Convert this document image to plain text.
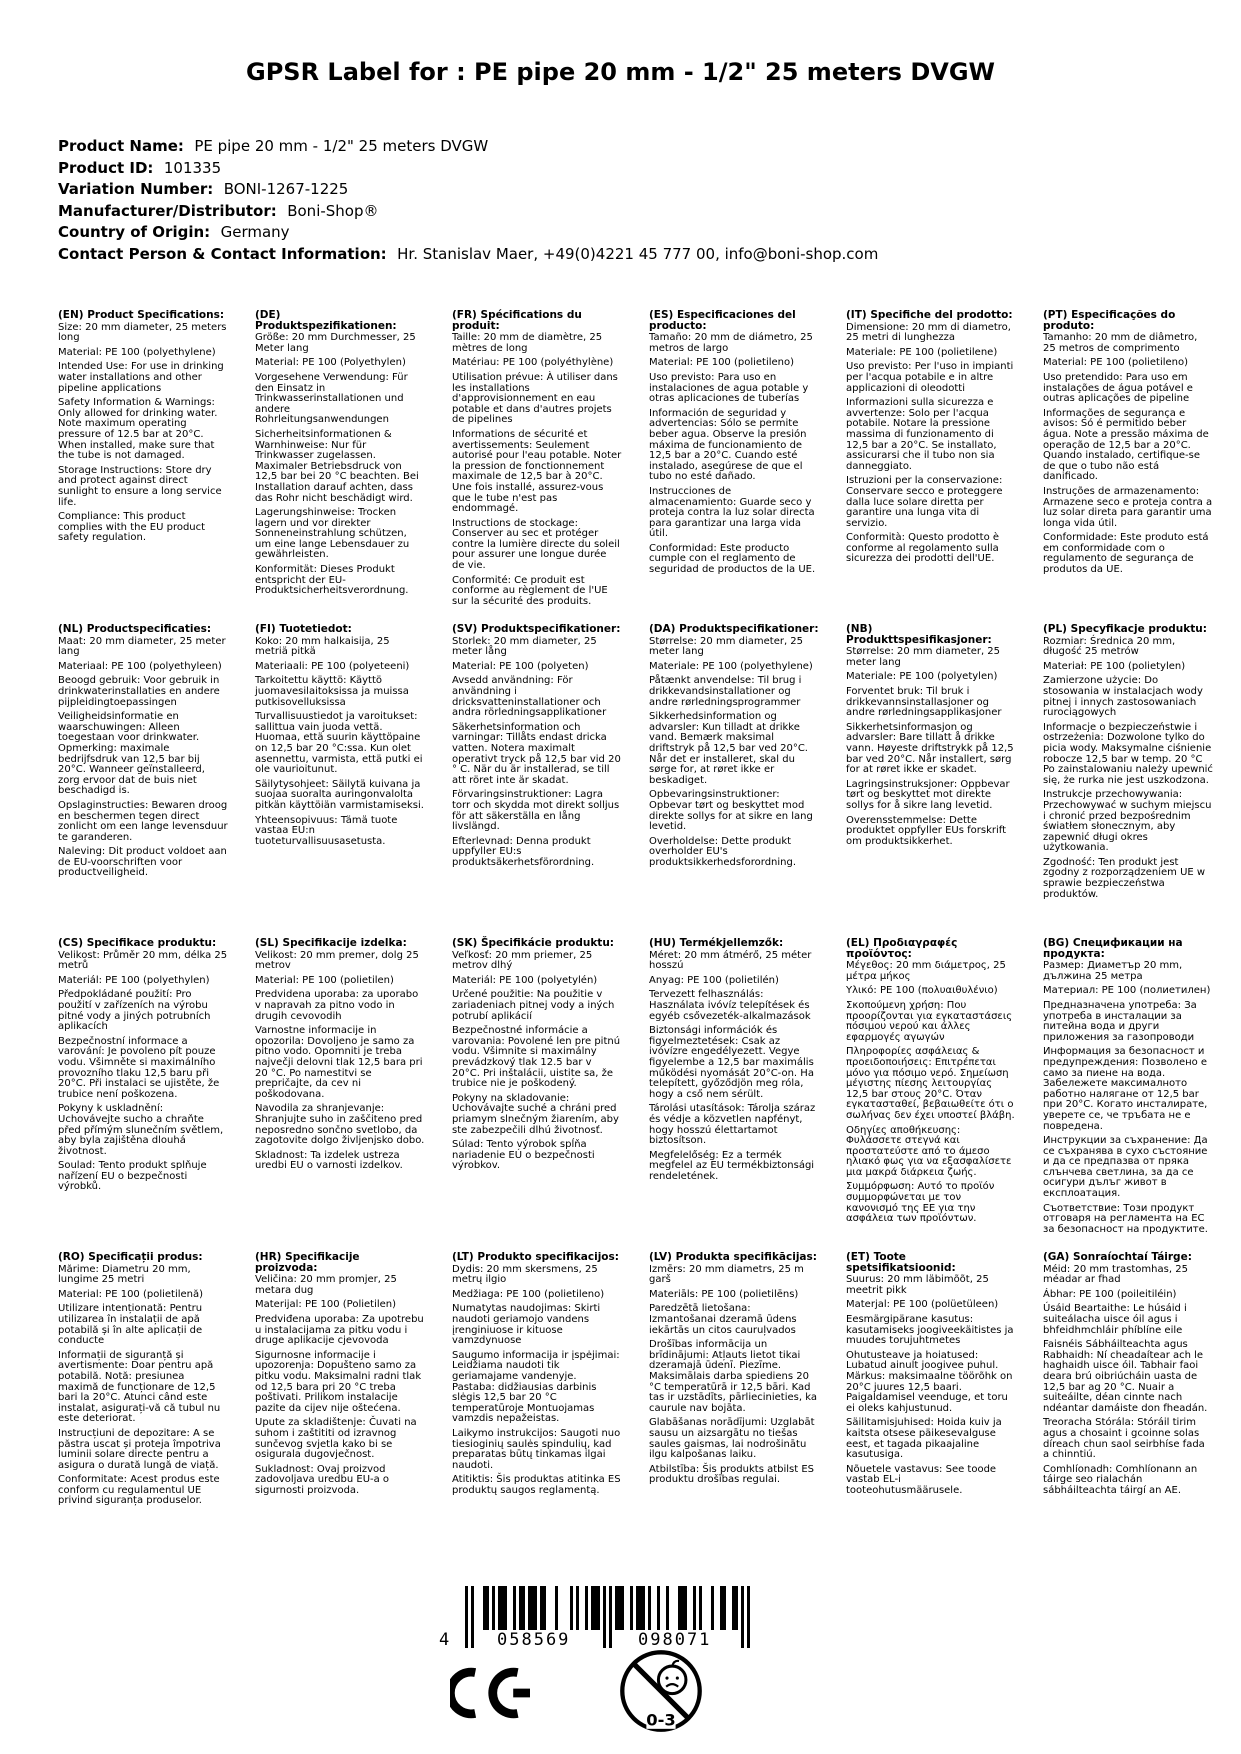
GPSR Label for : PE pipe 20 mm - 1/2" 25 meters DVGW
Product Name:  PE pipe 20 mm - 1/2" 25 meters DVGW
Product ID:  101335
Variation Number:  BONI-1267-1225
Manufacturer/Distributor:  Boni-Shop®
Country of Origin:  Germany
Contact Person & Contact Information:  Hr. Stanislav Maer, +49(0)4221 45 777 00, info@boni-shop.com
(EN) Product Specifications:

Size: 20 mm diameter, 25 meters long

Material: PE 100 (polyethylene)

Intended Use: For use in drinking water installations and other pipeline applications

Safety Information & Warnings: Only allowed for drinking water. Note maximum operating pressure of 12.5 bar at 20°C. When installed, make sure that the tube is not damaged.

Storage Instructions: Store dry and protect against direct sunlight to ensure a long service life.

Compliance: This product complies with the EU product safety regulation.

(DE) Produktspezifikationen:

Größe: 20 mm Durchmesser, 25 Meter lang

Material: PE 100 (Polyethylen)

Vorgesehene Verwendung: Für den Einsatz in Trinkwasserinstallationen und andere Rohrleitungsanwendungen

Sicherheitsinformationen & Warnhinweise: Nur für Trinkwasser zugelassen. Maximaler Betriebsdruck von 12,5 bar bei 20 °C beachten. Bei Installation darauf achten, dass das Rohr nicht beschädigt wird.

Lagerungshinweise: Trocken lagern und vor direkter Sonneneinstrahlung schützen, um eine lange Lebensdauer zu gewährleisten.

Konformität: Dieses Produkt entspricht der EU-Produktsicherheitsverordnung.

(FR) Spécifications du produit:

Taille: 20 mm de diamètre, 25 mètres de long

Matériau: PE 100 (polyéthylène)

Utilisation prévue: À utiliser dans les installations d'approvisionnement en eau potable et dans d'autres projets de pipelines

Informations de sécurité et avertissements: Seulement autorisé pour l'eau potable. Noter la pression de fonctionnement maximale de 12,5 bar à 20°C. Une fois installé, assurez-vous que le tube n'est pas endommagé.

Instructions de stockage: Conserver au sec et protéger contre la lumière directe du soleil pour assurer une longue durée de vie.

Conformité: Ce produit est conforme au règlement de l'UE sur la sécurité des produits.

(ES) Especificaciones del producto:

Tamaño: 20 mm de diámetro, 25 metros de largo

Material: PE 100 (polietileno)

Uso previsto: Para uso en instalaciones de agua potable y otras aplicaciones de tuberías

Información de seguridad y advertencias: Sólo se permite beber agua. Observe la presión máxima de funcionamiento de 12,5 bar a 20°C. Cuando esté instalado, asegúrese de que el tubo no esté dañado.

Instrucciones de almacenamiento: Guarde seco y proteja contra la luz solar directa para garantizar una larga vida útil.

Conformidad: Este producto cumple con el reglamento de seguridad de productos de la UE.

(IT) Specifiche del prodotto:

Dimensione: 20 mm di diametro, 25 metri di lunghezza

Materiale: PE 100 (polietilene)

Uso previsto: Per l'uso in impianti per l'acqua potabile e in altre applicazioni di oleodotti

Informazioni sulla sicurezza e avvertenze: Solo per l'acqua potabile. Notare la pressione massima di funzionamento di 12,5 bar a 20°C. Se installato, assicurarsi che il tubo non sia danneggiato.

Istruzioni per la conservazione: Conservare secco e proteggere dalla luce solare diretta per garantire una lunga vita di servizio.

Conformità: Questo prodotto è conforme al regolamento sulla sicurezza dei prodotti dell'UE.

(PT) Especificações do produto:

Tamanho: 20 mm de diâmetro, 25 metros de comprimento

Material: PE 100 (polietileno)

Uso pretendido: Para uso em instalações de água potável e outras aplicações de pipeline

Informações de segurança e avisos: Só é permitido beber água. Note a pressão máxima de operação de 12,5 bar a 20°C. Quando instalado, certifique-se de que o tubo não está danificado.

Instruções de armazenamento: Armazene seco e proteja contra a luz solar direta para garantir uma longa vida útil.

Conformidade: Este produto está em conformidade com o regulamento de segurança de produtos da UE.

(NL) Productspecificaties:

Maat: 20 mm diameter, 25 meter lang

Materiaal: PE 100 (polyethyleen)

Beoogd gebruik: Voor gebruik in drinkwaterinstallaties en andere pijpleidingtoepassingen

Veiligheidsinformatie en waarschuwingen: Alleen toegestaan voor drinkwater. Opmerking: maximale bedrijfsdruk van 12,5 bar bij 20°C. Wanneer geïnstalleerd, zorg ervoor dat de buis niet beschadigd is.

Opslaginstructies: Bewaren droog en beschermen tegen direct zonlicht om een lange levensduur te garanderen.

Naleving: Dit product voldoet aan de EU-voorschriften voor productveiligheid.

(FI) Tuotetiedot:

Koko: 20 mm halkaisija, 25 metriä pitkä

Materiaali: PE 100 (polyeteeni)

Tarkoitettu käyttö: Käyttö juomavesilaitoksissa ja muissa putkisovelluksissa

Turvallisuustiedot ja varoitukset: sallittua vain juoda vettä. Huomaa, että suurin käyttöpaine on 12,5 bar 20 °C:ssa. Kun olet asennettu, varmista, että putki ei ole vaurioitunut.

Säilytysohjeet: Säilytä kuivana ja suojaa suoralta auringonvalolta pitkän käyttöiän varmistamiseksi.

Yhteensopivuus: Tämä tuote vastaa EU:n tuoteturvallisuusasetusta.

(SV) Produktspecifikationer:

Storlek: 20 mm diameter, 25 meter lång

Material: PE 100 (polyeten)

Avsedd användning: För användning i dricksvatteninstallationer och andra rörledningsapplikationer

Säkerhetsinformation och varningar: Tillåts endast dricka vatten. Notera maximalt operativt tryck på 12,5 bar vid 20 ° C. När du är installerad, se till att röret inte är skadat.

Förvaringsinstruktioner: Lagra torr och skydda mot direkt solljus för att säkerställa en lång livslängd.

Efterlevnad: Denna produkt uppfyller EU:s produktsäkerhetsförordning.

(DA) Produktspecifikationer:

Størrelse: 20 mm diameter, 25 meter lang

Materiale: PE 100 (polyethylene)

Påtænkt anvendelse: Til brug i drikkevandsinstallationer og andre rørledningsprogrammer

Sikkerhedsinformation og advarsler: Kun tilladt at drikke vand. Bemærk maksimal driftstryk på 12,5 bar ved 20°C. Når det er installeret, skal du sørge for, at røret ikke er beskadiget.

Opbevaringsinstruktioner: Opbevar tørt og beskyttet mod direkte sollys for at sikre en lang levetid.

Overholdelse: Dette produkt overholder EU's produktsikkerhedsforordning.

(NB) Produkttspesifikasjoner:

Størrelse: 20 mm diameter, 25 meter lang

Materiale: PE 100 (polyetylen)

Forventet bruk: Til bruk i drikkevannsinstallasjoner og andre rørledningsapplikasjoner

Sikkerhetsinformasjon og advarsler: Bare tillatt å drikke vann. Høyeste driftstrykk på 12,5 bar ved 20°C. Når installert, sørg for at røret ikke er skadet.

Lagringsinstruksjoner: Oppbevar tørt og beskyttet mot direkte sollys for å sikre lang levetid.

Overensstemmelse: Dette produktet oppfyller EUs forskrift om produktsikkerhet.

(PL) Specyfikacje produktu:

Rozmiar: Średnica 20 mm, długość 25 metrów

Materiał: PE 100 (polietylen)

Zamierzone użycie: Do stosowania w instalacjach wody pitnej i innych zastosowaniach rurociągowych

Informacje o bezpieczeństwie i ostrzeżenia: Dozwolone tylko do picia wody. Maksymalne ciśnienie robocze 12,5 bar w temp. 20 °C Po zainstalowaniu należy upewnić się, że rurka nie jest uszkodzona.

Instrukcje przechowywania: Przechowywać w suchym miejscu i chronić przed bezpośrednim światłem słonecznym, aby zapewnić długi okres użytkowania.

Zgodność: Ten produkt jest zgodny z rozporządzeniem UE w sprawie bezpieczeństwa produktów.

(CS) Specifikace produktu:

Velikost: Průměr 20 mm, délka 25 metrů

Materiál: PE 100 (polyethylen)

Předpokládané použití: Pro použití v zařízeních na výrobu pitné vody a jiných potrubních aplikacích

Bezpečnostní informace a varování: Je povoleno pít pouze vodu. Všimněte si maximálního provozního tlaku 12,5 baru při 20°C. Při instalaci se ujistěte, že trubice není poškozena.

Pokyny k uskladnění: Uchovávejte sucho a chraňte před přímým slunečním světlem, aby byla zajištěna dlouhá životnost.

Soulad: Tento produkt splňuje nařízení EU o bezpečnosti výrobků.

(SL) Specifikacije izdelka:

Velikost: 20 mm premer, dolg 25 metrov

Material: PE 100 (polietilen)

Predvidena uporaba: za uporabo v napravah za pitno vodo in drugih cevovodih

Varnostne informacije in opozorila: Dovoljeno je samo za pitno vodo. Opomniti je treba največji delovni tlak 12,5 bara pri 20 °C. Po namestitvi se prepričajte, da cev ni poškodovana.

Navodila za shranjevanje: Shranjujte suho in zaščiteno pred neposredno sončno svetlobo, da zagotovite dolgo življenjsko dobo.

Skladnost: Ta izdelek ustreza uredbi EU o varnosti izdelkov.

(SK) Špecifikácie produktu:

Veľkosť: 20 mm priemer, 25 metrov dlhý

Materiál: PE 100 (polyetylén)

Určené použitie: Na použitie v zariadeniach pitnej vody a iných potrubí aplikácií

Bezpečnostné informácie a varovania: Povolené len pre pitnú vodu. Všimnite si maximálny prevádzkový tlak 12.5 bar v 20°C. Pri inštalácii, uistite sa, že trubice nie je poškodený.

Pokyny na skladovanie: Uchovávajte suché a chráni pred priamym slnečným žiarením, aby ste zabezpečili dlhú životnosť.

Súlad: Tento výrobok spĺňa nariadenie EÚ o bezpečnosti výrobkov.

(HU) Termékjellemzők:

Méret: 20 mm átmérő, 25 méter hosszú

Anyag: PE 100 (polietilén)

Tervezett felhasználás: Használata ivóvíz telepítések és egyéb csővezeték-alkalmazások

Biztonsági információk és figyelmeztetések: Csak az ivóvízre engedélyezett. Vegye figyelembe a 12,5 bar maximális működési nyomását 20°C-on. Ha telepített, győződjön meg róla, hogy a cső nem sérült.

Tárolási utasítások: Tárolja száraz és védje a közvetlen napfényt, hogy hosszú élettartamot biztosítson.

Megfelelőség: Ez a termék megfelel az EU termékbiztonsági rendeletének.

(EL) Προδιαγραφές προϊόντος:

Μέγεθος: 20 mm διάμετρος, 25 μέτρα μήκος

Υλικό: PE 100 (πολυαιθυλένιο)

Σκοπούμενη χρήση: Που προορίζονται για εγκαταστάσεις πόσιμου νερού και άλλες εφαρμογές αγωγών

Πληροφορίες ασφάλειας & προειδοποιήσεις: Επιτρέπεται μόνο για πόσιμο νερό. Σημείωση μέγιστης πίεσης λειτουργίας 12,5 bar στους 20°C. Όταν εγκατασταθεί, βεβαιωθείτε ότι ο σωλήνας δεν έχει υποστεί βλάβη.

Οδηγίες αποθήκευσης: Φυλάσσετε στεγνά και προστατεύστε από το άμεσο ηλιακό φως για να εξασφαλίσετε μια μακρά διάρκεια ζωής.

Συμμόρφωση: Αυτό το προϊόν συμμορφώνεται με τον κανονισμό της ΕΕ για την ασφάλεια των προϊόντων.

(BG) Спецификации на продукта:

Размер: Диаметър 20 mm, дължина 25 метра

Материал: PE 100 (полиетилен)

Предназначена употреба: За употреба в инсталации за питейна вода и други приложения за газопроводи

Информация за безопасност и предупреждения: Позволено е само за пиене на вода. Забележете максималното работно налягане от 12,5 bar при 20°C. Когато инсталирате, уверете се, че тръбата не е повредена.

Инструкции за съхранение: Да се съхранява в сухо състояние и да се предпазва от пряка слънчева светлина, за да се осигури дълъг живот в експлоатация.

Съответствие: Този продукт отговаря на регламента на ЕС за безопасност на продуктите.

(RO) Specificații produs:

Mărime: Diametru 20 mm, lungime 25 metri

Material: PE 100 (polietilenă)

Utilizare intenționată: Pentru utilizarea în instalații de apă potabilă și în alte aplicații de conducte

Informații de siguranță și avertismente: Doar pentru apă potabilă. Notă: presiunea maximă de funcționare de 12,5 bari la 20°C. Atunci când este instalat, asigurați-vă că tubul nu este deteriorat.

Instrucțiuni de depozitare: A se păstra uscat și proteja împotriva luminii solare directe pentru a asigura o durată lungă de viață.

Conformitate: Acest produs este conform cu regulamentul UE privind siguranța produselor.

(HR) Specifikacije proizvoda:

Veličina: 20 mm promjer, 25 metara dug

Materijal: PE 100 (Polietilen)

Predviđena uporaba: Za upotrebu u instalacijama za pitku vodu i druge aplikacije cjevovoda

Sigurnosne informacije i upozorenja: Dopušteno samo za pitku vodu. Maksimalni radni tlak od 12,5 bara pri 20 °C treba poštivati. Prilikom instalacije pazite da cijev nije oštećena.

Upute za skladištenje: Čuvati na suhom i zaštititi od izravnog sunčevog svjetla kako bi se osigurala dugovječnost.

Sukladnost: Ovaj proizvod zadovoljava uredbu EU-a o sigurnosti proizvoda.

(LT) Produkto specifikacijos:

Dydis: 20 mm skersmens, 25 metrų ilgio

Medžiaga: PE 100 (polietileno)

Numatytas naudojimas: Skirti naudoti geriamojo vandens įrenginiuose ir kituose vamzdynuose

Saugumo informacija ir įspėjimai: Leidžiama naudoti tik geriamajame vandenyje. Pastaba: didžiausias darbinis slėgis 12,5 bar 20 °C temperatūroje Montuojamas vamzdis nepažeistas.

Laikymo instrukcijos: Saugoti nuo tiesioginių saulės spindulių, kad preparatas būtų tinkamas ilgai naudoti.

Atitiktis: Šis produktas atitinka ES produktų saugos reglamentą.

(LV) Produkta specifikācijas:

Izmērs: 20 mm diametrs, 25 m garš

Materiāls: PE 100 (polietilēns)

Paredzētā lietošana: Izmantošanai dzeramā ūdens iekārtās un citos cauruļvados

Drošības informācija un brīdinājumi: Atļauts lietot tikai dzeramajā ūdenī. Piezīme. Maksimālais darba spiediens 20 °C temperatūrā ir 12,5 bāri. Kad tas ir uzstādīts, pārliecinieties, ka caurule nav bojāta.

Glabāšanas norādījumi: Uzglabāt sausu un aizsargātu no tiešas saules gaismas, lai nodrošinātu ilgu kalpošanas laiku.

Atbilstība: Šis produkts atbilst ES produktu drošības regulai.

(ET) Toote spetsifikatsioonid:

Suurus: 20 mm läbimõõt, 25 meetrit pikk

Materjal: PE 100 (polüetüleen)

Eesmärgipärane kasutus: kasutamiseks joogiveekäitistes ja muudes torujuhtmetes

Ohutusteave ja hoiatused: Lubatud ainult joogivee puhul. Märkus: maksimaalne töörõhk on 20°C juures 12,5 baari. Paigaldamisel veenduge, et toru ei oleks kahjustunud.

Säilitamisjuhised: Hoida kuiv ja kaitsta otsese päikesevalguse eest, et tagada pikaajaline kasutusiga.

Nõuetele vastavus: See toode vastab EL-i tooteohutusmäärusele.

(GA) Sonraíochtaí Táirge:

Méid: 20 mm trastomhas, 25 méadar ar fhad

Ábhar: PE 100 (poileitiléin)

Úsáid Beartaithe: Le húsáid i suiteálacha uisce óil agus i bhfeidhmchláir phíblíne eile

Faisnéis Sábháilteachta agus Rabhaidh: Ní cheadaítear ach le haghaidh uisce óil. Tabhair faoi deara brú oibriúcháin uasta de 12,5 bar ag 20 °C. Nuair a suiteáilte, déan cinnte nach ndéantar damáiste don fheadán.

Treoracha Stórála: Stóráil tirim agus a chosaint i gcoinne solas díreach chun saol seirbhíse fada a chinntiú.

Comhlíonadh: Comhlíonann an táirge seo rialachán sábháilteachta táirgí an AE.

4	058569	098071
0-3
